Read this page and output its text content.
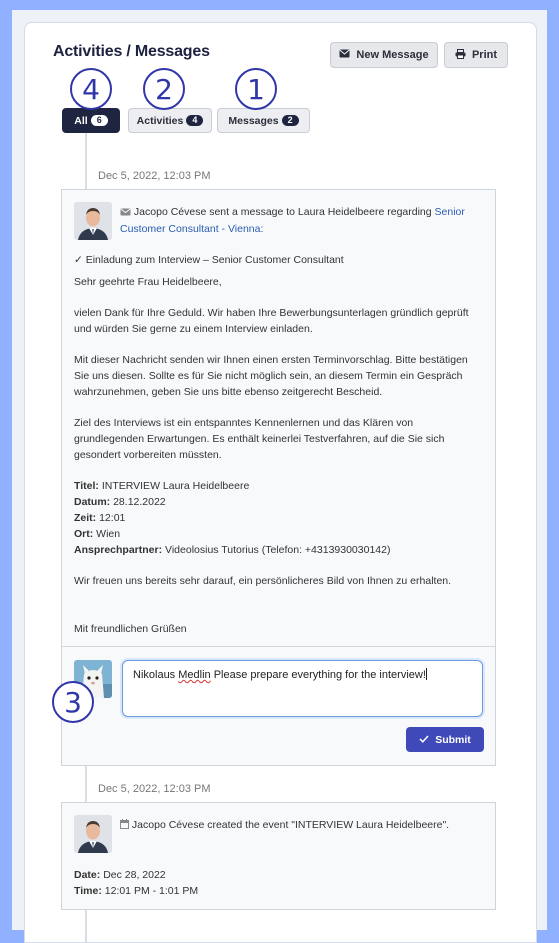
Activities / Messages	New Message	Print
All 6	Activities 4	Messages 2
4	2	1
Dec 5, 2022, 12:03 PM
Jacopo Cévese sent a message to Laura Heidelbeere regarding Senior Customer Consultant - Vienna:

✓ Einladung zum Interview – Senior Customer Consultant

Sehr geehrte Frau Heidelbeere,

vielen Dank für Ihre Geduld. Wir haben Ihre Bewerbungsunterlagen gründlich geprüft und würden Sie gerne zu einem Interview einladen.

Mit dieser Nachricht senden wir Ihnen einen ersten Terminvorschlag. Bitte bestätigen Sie uns diesen. Sollte es für Sie nicht möglich sein, an diesem Termin ein Gespräch wahrzunehmen, geben Sie uns bitte ebenso zeitgerecht Bescheid.

Ziel des Interviews ist ein entspanntes Kennenlernen und das Klären von grundlegenden Erwartungen. Es enthält keinerlei Testverfahren, auf die Sie sich gesondert vorbereiten müssten.

Titel: INTERVIEW Laura Heidelbeere
Datum: 28.12.2022
Zeit: 12:01
Ort: Wien
Ansprechpartner: Videolosius Tutorius (Telefon: +4313930030142)

Wir freuen uns bereits sehr darauf, ein persönlicheres Bild von Ihnen zu erhalten.

Mit freundlichen Grüßen

Nikolaus Medlin Please prepare everything for the interview!
Submit
3
Dec 5, 2022, 12:03 PM
Jacopo Cévese created the event "INTERVIEW Laura Heidelbeere".
Date: Dec 28, 2022
Time: 12:01 PM - 1:01 PM
